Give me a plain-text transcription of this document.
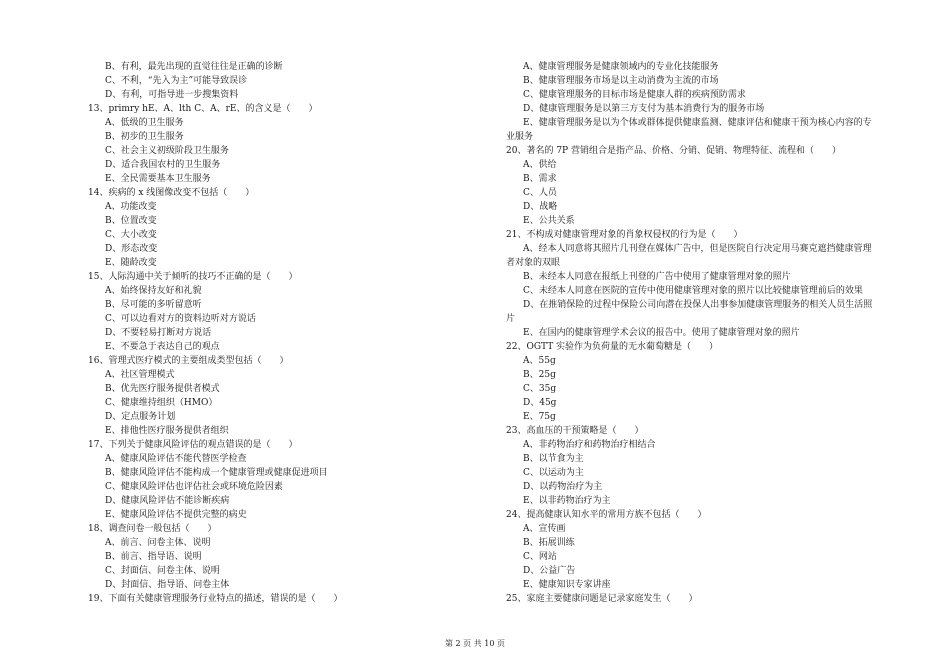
B、有利，最先出现的直觉往往是正确的诊断
C、不利，“先入为主”可能导致误诊
D、有利，可指导进一步搜集资料
13、primry hE、A、lth C、A、rE、的含义是（　　）
A、低级的卫生服务
B、初步的卫生服务
C、社会主义初级阶段卫生服务
D、适合我国农村的卫生服务
E、全民需要基本卫生服务
14、疾病的 x 线图像改变不包括（　　）
A、功能改变
B、位置改变
C、大小改变
D、形态改变
E、随龄改变
15、人际沟通中关于倾听的技巧不正确的是（　　）
A、始终保持友好和礼貌
B、尽可能的多听留意听
C、可以边看对方的资料边听对方说话
D、不要轻易打断对方说话
E、不要急于表达自己的观点
16、管理式医疗模式的主要组成类型包括（　　）
A、社区管理模式
B、优先医疗服务提供者模式
C、健康维持组织（HMO）
D、定点服务计划
E、排他性医疗服务提供者组织
17、下列关于健康风险评估的观点错误的是（　　）
A、健康风险评估不能代替医学检查
B、健康风险评估不能构成一个健康管理或健康促进项目
C、健康风险评估也评估社会或环境危险因素
D、健康风险评估不能诊断疾病
E、健康风险评估不提供完整的病史
18、调查问卷一般包括（　　）
A、前言、问卷主体、说明
B、前言、指导语、说明
C、封面信、问卷主体、说明
D、封面信、指导语、问卷主体
19、下面有关健康管理服务行业特点的描述，错误的是（　　）
A、健康管理服务是健康领域内的专业化技能服务
B、健康管理服务市场是以主动消费为主流的市场
C、健康管理服务的目标市场是健康人群的疾病预防需求
D、健康管理服务是以第三方支付为基本消费行为的服务市场
E、健康管理服务是以为个体或群体提供健康监测、健康评估和健康干预为核心内容的专
业服务
20、著名的 7P 营销组合是指产品、价格、分销、促销、物理特征、流程和（　　）
A、供给
B、需求
C、人员
D、战略
E、公共关系
21、不构成对健康管理对象的肖象权侵权的行为是（　　）
A、经本人同意将其照片几刊登在媒体广告中，但是医院自行决定用马赛克遮挡健康管理
者对象的双眼
B、未经本人同意在报纸上刊登的广告中使用了健康管理对象的照片
C、未经本人同意在医院的宣传中使用健康管理对象的照片以比较健康管理前后的效果
D、在推销保险的过程中保险公司向潜在投保人出事参加健康管理服务的相关人员生活照
片
E、在国内的健康管理学术会议的报告中。使用了健康管理对象的照片
22、OGTT 实验作为负荷量的无水葡萄糖是（　　）
A、55g
B、25g
C、35g
D、45g
E、75g
23、高血压的干预策略是（　　）
A、非药物治疗和药物治疗相结合
B、以节食为主
C、以运动为主
D、以药物治疗为主
E、以非药物治疗为主
24、提高健康认知水平的常用方族不包括（　　）
A、宣传画
B、拓展训练
C、网站
D、公益广告
E、健康知识专家讲座
25、家庭主要健康问题是记录家庭发生（　　）
第 2 页 共 10 页
